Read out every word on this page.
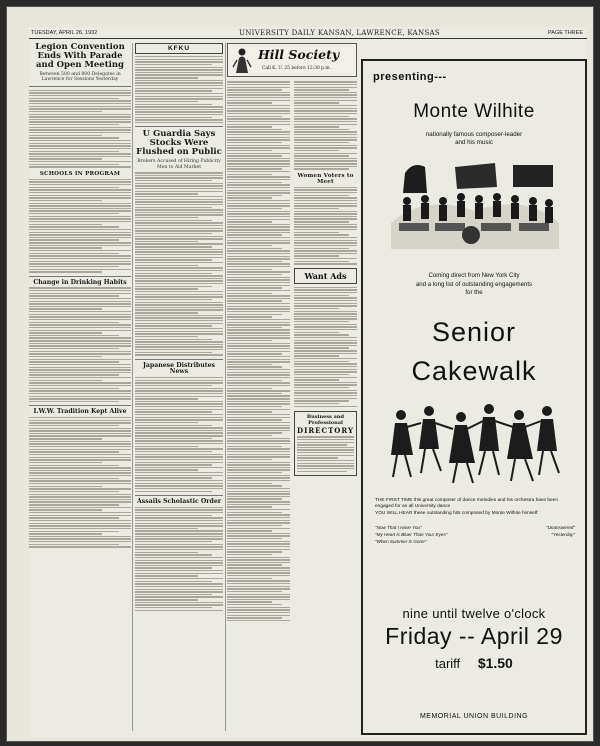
TUESDAY, APRIL 26, 1932	UNIVERSITY DAILY KANSAN, LAWRENCE, KANSAS	PAGE THREE
Legion Convention Ends With Parade and Open Meeting
Between 500 and 800 Delegates in Lawrence for Sessions Yesterday
SCHOOLS IN PROGRAM
Change in Drinking Habits
I.W.W. Tradition Kept Alive
KFKU
U Guardia Says Stocks Were Flushed on Public
Brokers Accused of Hiring Publicity Men to Aid Market
Japanese Distributes News
Assails Scholastic Order
Hill Society
Call K. U. 25 before 12:30 p.m.
Women Voters to Meet
Want Ads
Business and Professional
DIRECTORY
presenting---
Monte Wilhite
nationally famous composer-leader
and his music
Coming direct from New York City
and a long list of outstanding engagements
for the
Senior
Cakewalk
THE FIRST TIME this great composer of dance melodies and his orchestra have been engaged for an all University dance
YOU WILL HEAR these outstanding hits composed by Monte Wilhite himself:
"Now That I Have You"	"Unanswered"
"My Heart is Bluer Than Your Eyes"	"Yesterday"
"When Summer Is Gone"
nine until twelve o'clock
Friday -- April 29
tariff $1.50
MEMORIAL UNION BUILDING
